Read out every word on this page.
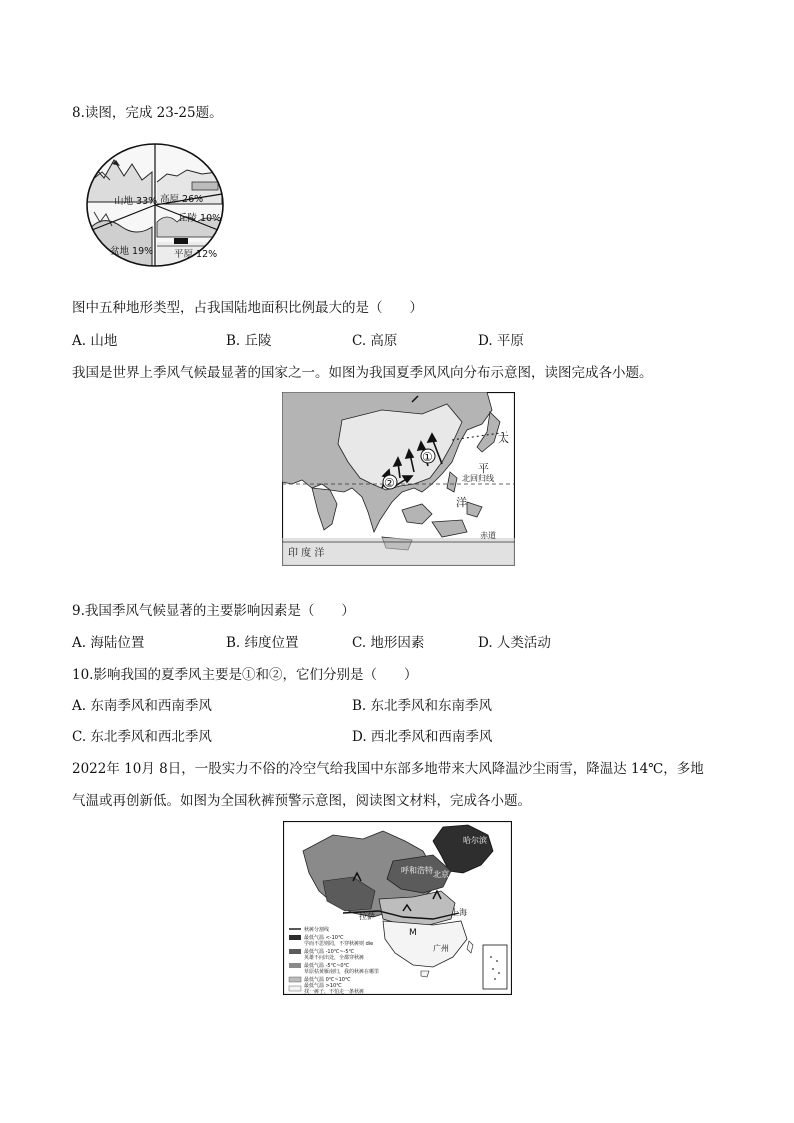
8.读图，完成 23-25题。
山地 33% 高原 26%
丘陵 10%
平原 12%
盆地 19%
图中五种地形类型，占我国陆地面积比例最大的是（　　）
A. 山地	B. 丘陵	C. 高原	D. 平原
我国是世界上季风气候最显著的国家之一。如图为我国夏季风风向分布示意图，读图完成各小题。
①
②
太
平
洋
北回归线
赤道
印 度 洋
9.我国季风气候显著的主要影响因素是（　　）
A. 海陆位置	B. 纬度位置	C. 地形因素	D. 人类活动
10.影响我国的夏季风主要是①和②，它们分别是（　　）
A. 东南季风和西南季风	B. 东北季风和东南季风
C. 东北季风和西北季风	D. 西北季风和西南季风
2022年 10月 8日，一股实力不俗的冷空气给我国中东部多地带来大风降温沙尘雨雪，降温达 14℃，多地
气温或再创新低。如图为全国秋裤预警示意图，阅读图文材料，完成各小题。
哈尔滨
北京
呼和浩特
上海
拉萨
M
广州
秋裤分割线
最低气温 <-10℃
学而不思则罔，不穿秋裤则 die
最低气温 -10℃~-5℃
英雄不问出处，全都穿秋裤
最低气温 -5℃~0℃
草原枯黄雁南归，我的秋裤在哪里
最低气温 0℃~10℃
最低气温 >10℃
找一裤子，不怕走一条秋裤
